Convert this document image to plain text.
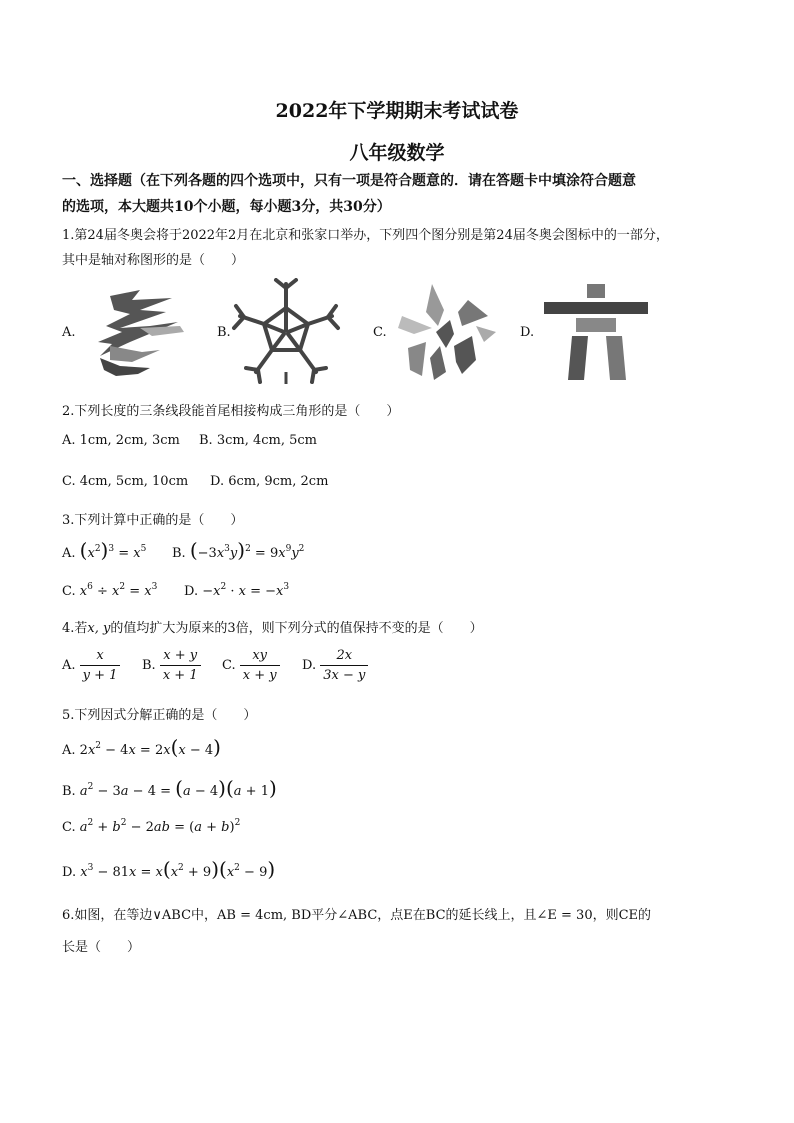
2022年下学期期末考试试卷
八年级数学
一、选择题（在下列各题的四个选项中，只有一项是符合题意的．请在答题卡中填涂符合题意
的选项，本大题共10个小题，每小题3分，共30分）
1.第24届冬奥会将于2022年2月在北京和张家口举办，下列四个图分别是第24届冬奥会图标中的一部分，
其中是轴对称图形的是（　　）
A.	B.	C.	D.
2.下列长度的三条线段能首尾相接构成三角形的是（　　）
A. 1cm, 2cm, 3cm B. 3cm, 4cm, 5cm
C. 4cm, 5cm, 10cm D. 6cm, 9cm, 2cm
3.下列计算中正确的是（　　）
A. $(x^2)^3 = x^5$ B. $(-3x^3y)^2 = 9x^9y^2$
C. $x^6 \div x^2 = x^3$ D. $-x^2 \cdot x = -x^3$
4.若x, y的值均扩大为原来的3倍，则下列分式的值保持不变的是（　　）
A. $\frac{x}{y + 1} B$. $\frac{x + y}{x + 1} C$. $\frac{xy}{x + y} D$. $\frac{2x}{3x - y}$
5.下列因式分解正确的是（　　）
A. $2x^2 - 4x = 2x(x - 4)$
B. $a^2 - 3a - 4 = (a - 4)(a + 1)$
C. $a^2 + b^2 - 2ab = (a + b)^2$
D. $x^3 - 81x = x(x^2 + 9)(x^2 - 9)$
6.如图，在等边∨ABC中，AB = 4cm, BD平分∠ABC，点E在BC的延长线上，且∠E = 30，则CE的
长是（　　）
